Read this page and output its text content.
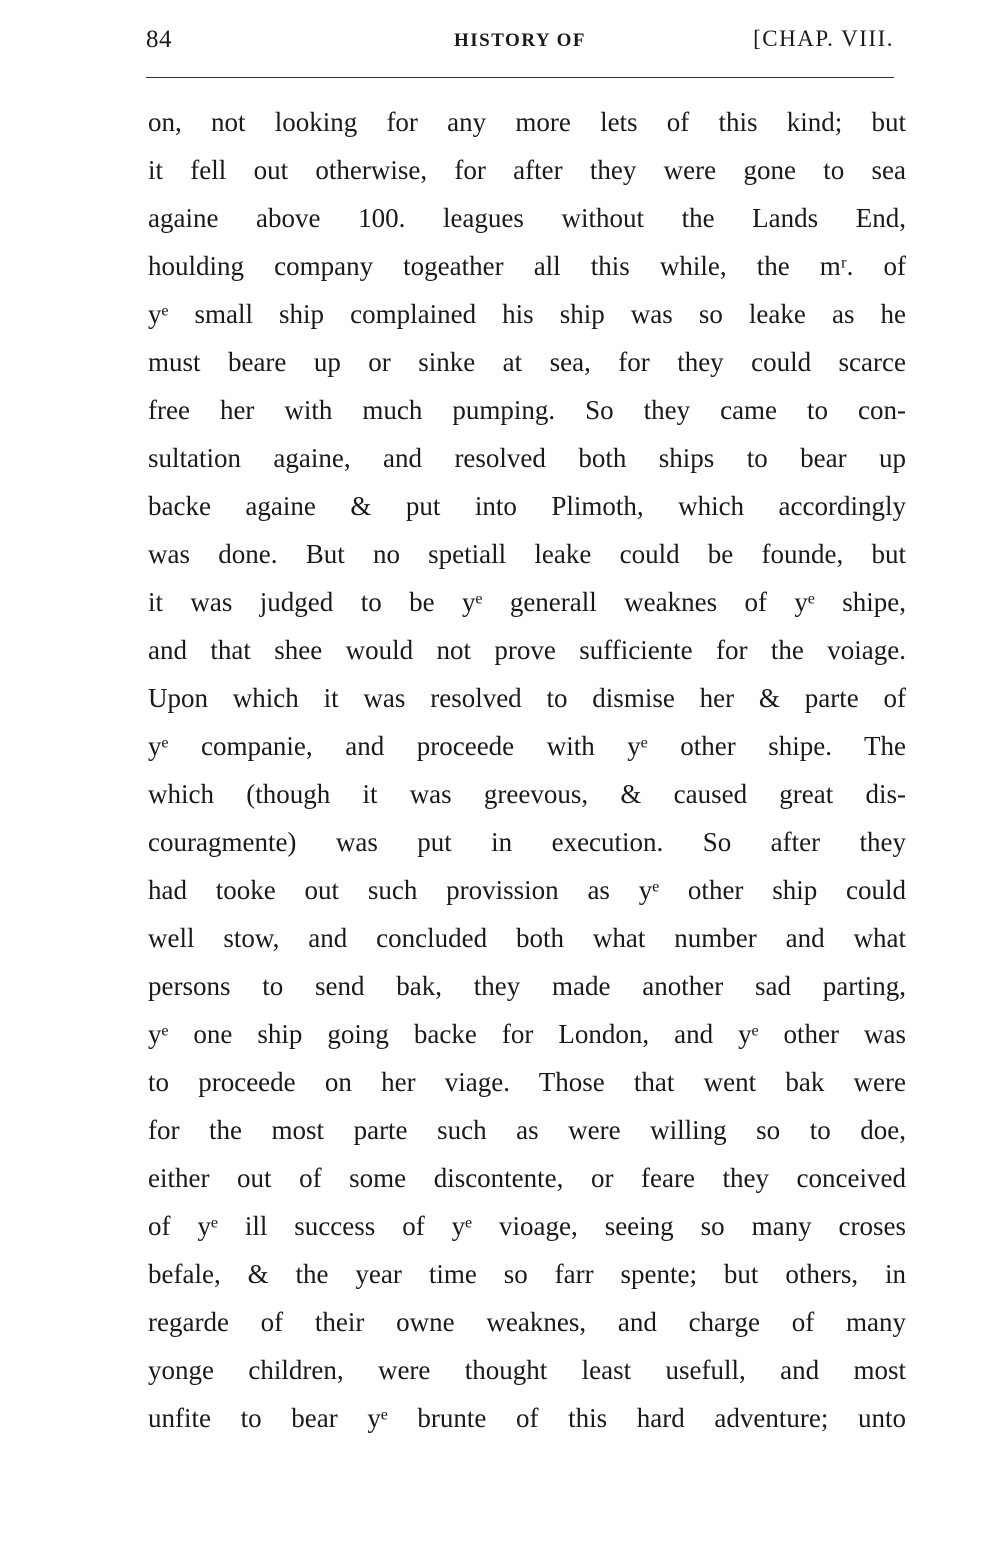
84	HISTORY OF	[CHAP. VIII.
on, not looking for any more lets of this kind; but
it fell out otherwise, for after they were gone to sea
againe above 100. leagues without the Lands End,
houlding company togeather all this while, the mʳ. of
yᵉ small ship complained his ship was so leake as he
must beare up or sinke at sea, for they could scarce
free her with much pumping. So they came to con-
sultation againe, and resolved both ships to bear up
backe againe & put into Plimoth, which accordingly
was done. But no spetiall leake could be founde, but
it was judged to be yᵉ generall weaknes of yᵉ shipe,
and that shee would not prove sufficiente for the voiage.
Upon which it was resolved to dismise her & parte of
yᵉ companie, and proceede with yᵉ other shipe. The
which (though it was greevous, & caused great dis-
couragmente) was put in execution. So after they
had tooke out such provission as yᵉ other ship could
well stow, and concluded both what number and what
persons to send bak, they made another sad parting,
yᵉ one ship going backe for London, and yᵉ other was
to proceede on her viage. Those that went bak were
for the most parte such as were willing so to doe,
either out of some discontente, or feare they conceived
of yᵉ ill success of yᵉ vioage, seeing so many croses
befale, & the year time so farr spente; but others, in
regarde of their owne weaknes, and charge of many
yonge children, were thought least usefull, and most
unfite to bear yᵉ brunte of this hard adventure; unto
